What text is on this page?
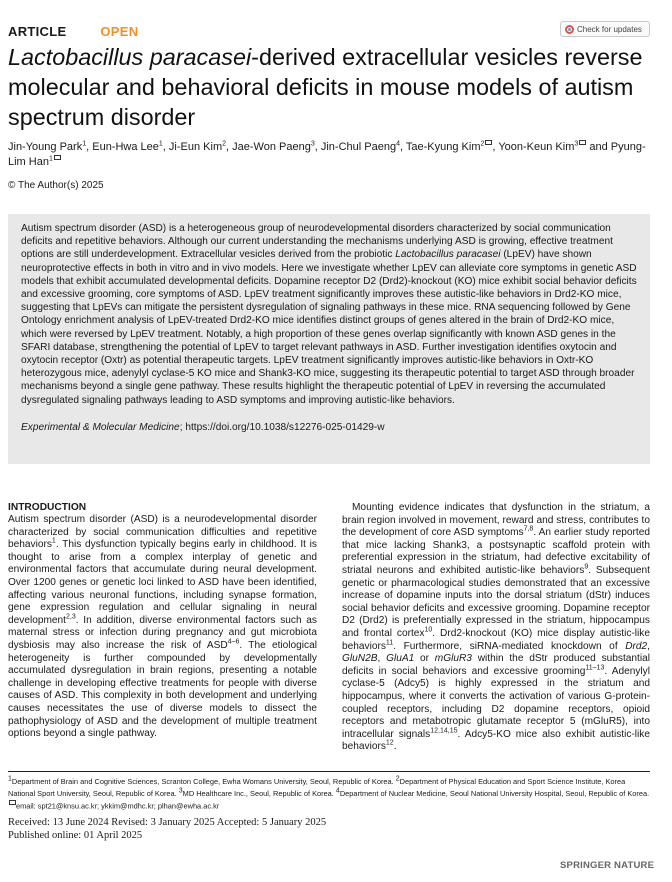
ARTICLE	OPEN	Check for updates
Lactobacillus paracasei-derived extracellular vesicles reverse molecular and behavioral deficits in mouse models of autism spectrum disorder
Jin-Young Park$^1$, Eun-Hwa Lee$^1$, Ji-Eun Kim$^2$, Jae-Won Paeng$^3$, Jin-Chul Paeng$^4$, Tae-Kyung Kim$^2$ , Yoon-Keun Kim$^3$ and Pyung-Lim Han$^1$
© The Author(s) 2025

Autism spectrum disorder (ASD) is a heterogeneous group of neurodevelopmental disorders characterized by social communication deficits and repetitive behaviors. Although our current understanding the mechanisms underlying ASD is growing, effective treatment options are still underdevelopment. Extracellular vesicles derived from the probiotic Lactobacillus paracasei (LpEV) have shown neuroprotective effects in both in vitro and in vivo models. Here we investigate whether LpEV can alleviate core symptoms in genetic ASD models that exhibit accumulated developmental deficits. Dopamine receptor D2 (Drd2)-knockout (KO) mice exhibit social behavior deficits and excessive grooming, core symptoms of ASD. LpEV treatment significantly improves these autistic-like behaviors in Drd2-KO mice, suggesting that LpEVs can mitigate the persistent dysregulation of signaling pathways in these mice. RNA sequencing followed by Gene Ontology enrichment analysis of LpEV-treated Drd2-KO mice identifies distinct groups of genes altered in the brain of Drd2-KO mice, which were reversed by LpEV treatment. Notably, a high proportion of these genes overlap significantly with known ASD genes in the SFARI database, strengthening the potential of LpEV to target relevant pathways in ASD. Further investigation identifies oxytocin and oxytocin receptor (Oxtr) as potential therapeutic targets. LpEV treatment significantly improves autistic-like behaviors in Oxtr-KO heterozygous mice, adenylyl cyclase-5 KO mice and Shank3-KO mice, suggesting its therapeutic potential to target ASD through broader mechanisms beyond a single gene pathway. These results highlight the therapeutic potential of LpEV in reversing the accumulated dysregulated signaling pathways leading to ASD symptoms and improving autistic-like behaviors.

Experimental & Molecular Medicine; https://doi.org/10.1038/s12276-025-01429-w

INTRODUCTION

Autism spectrum disorder (ASD) is a neurodevelopmental disorder characterized by social communication difficulties and repetitive behaviors$^1$. This dysfunction typically begins early in childhood. It is thought to arise from a complex interplay of genetic and environmental factors that accumulate during neural development. Over 1200 genes or genetic loci linked to ASD have been identified, affecting various neuronal functions, including synapse formation, gene expression regulation and cellular signaling in neural development$^{2,3}$. In addition, diverse environmental factors such as maternal stress or infection during pregnancy and gut microbiota dysbiosis may also increase the risk of ASD$^{4-6}$. The etiological heterogeneity is further compounded by developmentally accumulated dysregulation in brain regions, presenting a notable challenge in developing effective treatments for people with diverse causes of ASD. This complexity in both development and underlying causes necessitates the use of diverse models to dissect the pathophysiology of ASD and the development of multiple treatment options beyond a single pathway.

Mounting evidence indicates that dysfunction in the striatum, a brain region involved in movement, reward and stress, contributes to the development of core ASD symptoms$^{7,8}$. An earlier study reported that mice lacking Shank3, a postsynaptic scaffold protein with preferential expression in the striatum, had defective excitability of striatal neurons and exhibited autistic-like behaviors$^9$. Subsequent genetic or pharmacological studies demonstrated that an excessive increase of dopamine inputs into the dorsal striatum (dStr) induces social behavior deficits and excessive grooming. Dopamine receptor D2 (Drd2) is preferentially expressed in the striatum, hippocampus and frontal cortex$^{10}$. Drd2-knockout (KO) mice display autistic-like behaviors$^{11}$. Furthermore, siRNA-mediated knockdown of Drd2, GluN2B, GluA1 or mGluR3 within the dStr produced substantial deficits in social behaviors and excessive grooming$^{11-13}$. Adenylyl cyclase-5 (Adcy5) is highly expressed in the striatum and hippocampus, where it converts the activation of various G-protein-coupled receptors, including D2 dopamine receptors, opioid receptors and metabotropic glutamate receptor 5 (mGluR5), into intracellular signals$^{12,14,15}$. Adcy5-KO mice also exhibit autistic-like behaviors$^{12}$.

$^1$Department of Brain and Cognitive Sciences, Scranton College, Ewha Womans University, Seoul, Republic of Korea. $^2$Department of Physical Education and Sport Science Institute, Korea National Sport University, Seoul, Republic of Korea. $^3$MD Healthcare Inc., Seoul, Republic of Korea. $^4$Department of Nuclear Medicine, Seoul National University Hospital, Seoul, Republic of Korea. email: spt21@knsu.ac.kr; ykkim@mdhc.kr; plhan@ewha.ac.kr
Received: 13 June 2024 Revised: 3 January 2025 Accepted: 5 January 2025
Published online: 01 April 2025
SPRINGER NATURE
